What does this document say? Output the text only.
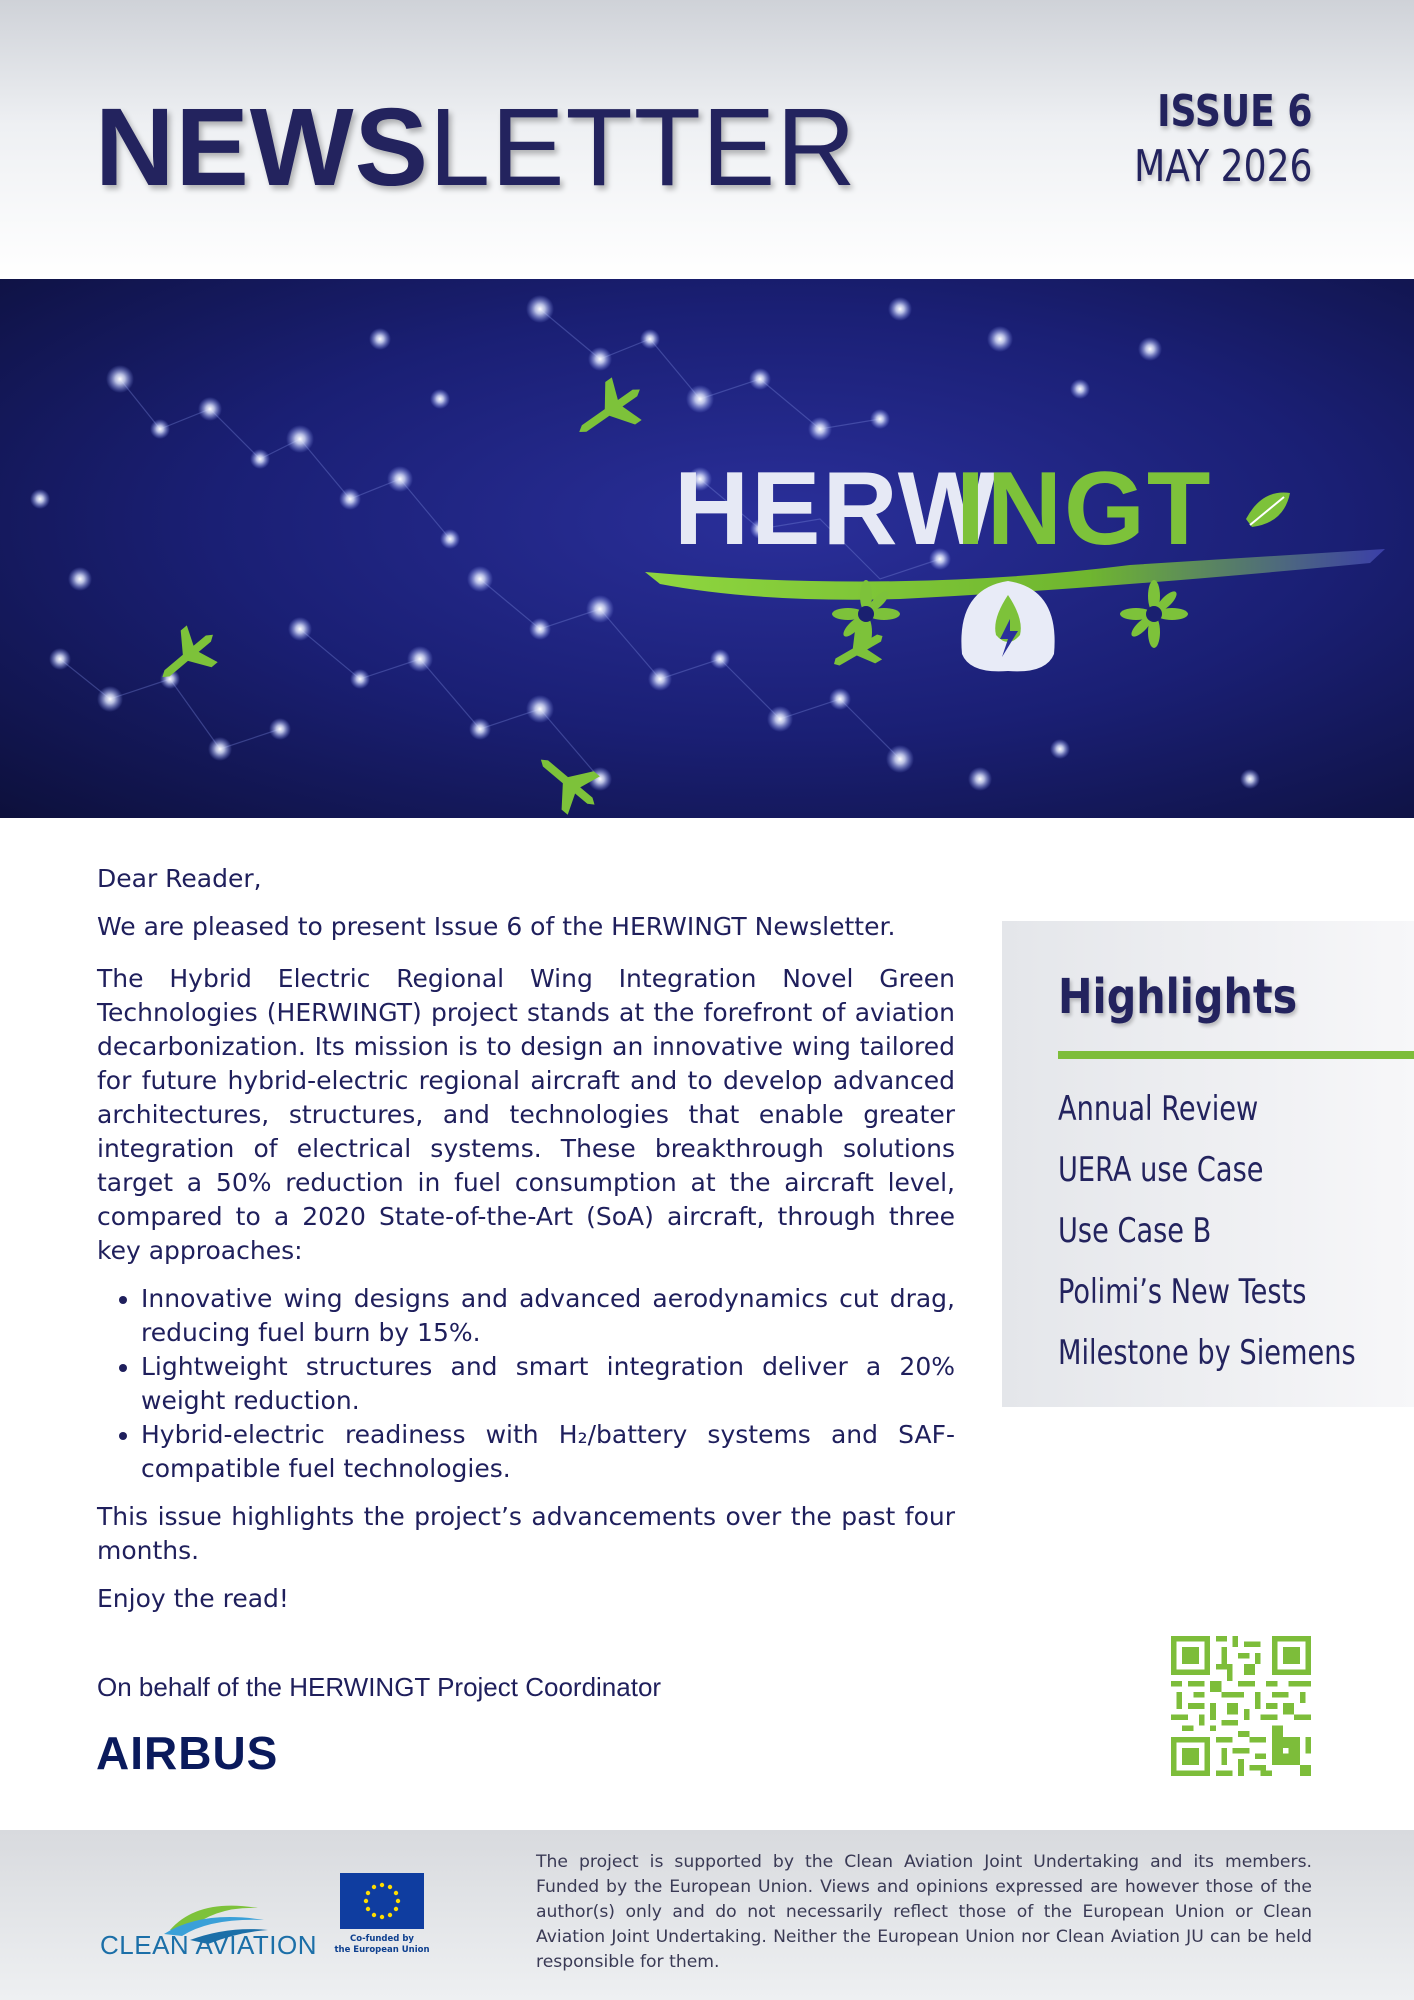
NEWSLETTER	ISSUE 6
MAY 2026
HERW
INGT

Dear Reader,

We are pleased to present Issue 6 of the HERWINGT Newsletter.

The Hybrid Electric Regional Wing Integration Novel Green Technologies (HERWINGT) project stands at the forefront of aviation decarbonization. Its mission is to design an innovative wing tailored for future hybrid-electric regional aircraft and to develop advanced architectures, structures, and technologies that enable greater integration of electrical systems. These breakthrough solutions target a 50% reduction in fuel consumption at the aircraft level, compared to a 2020 State-of-the-Art (SoA) aircraft, through three key approaches:

• Innovative wing designs and advanced aerodynamics cut drag, reducing fuel burn by 15%.
• Lightweight structures and smart integration deliver a 20% weight reduction.
• Hybrid-electric readiness with H₂/battery systems and SAF-compatible fuel technologies.

This issue highlights the project’s advancements over the past four months.

Enjoy the read!

On behalf of the HERWINGT Project Coordinator
AIRBUS
Highlights
Annual Review
UERA use Case
Use Case B
Polimi’s New Tests
Milestone by Siemens
CLEAN AVIATION	Co-funded by
the European Union
The project is supported by the Clean Aviation Joint Undertaking and its members. Funded by the European Union. Views and opinions expressed are however those of the author(s) only and do not necessarily reflect those of the European Union or Clean Aviation Joint Undertaking. Neither the European Union nor Clean Aviation JU can be held responsible for them.
